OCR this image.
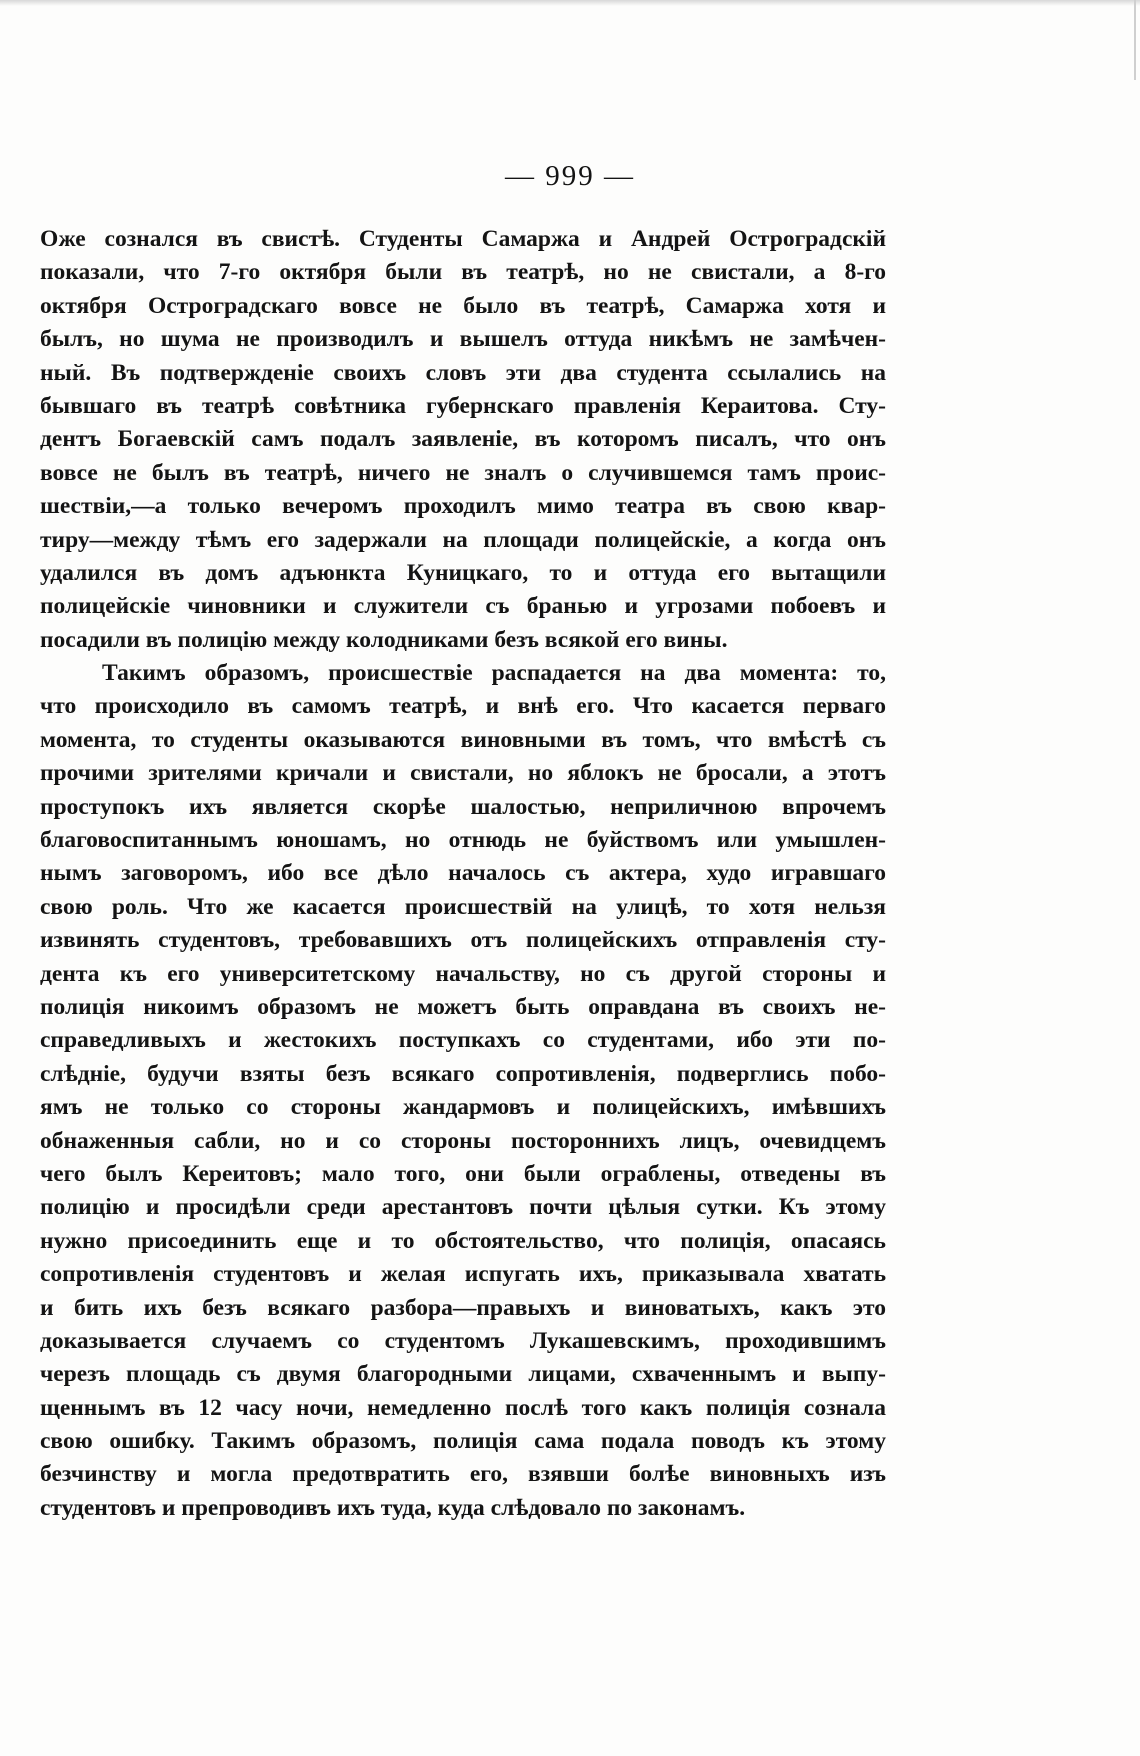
— 999 —
Оже сознался въ свистѣ. Студенты Самаржа и Андрей Остроградскій
показали, что 7-го октября были въ театрѣ, но не свистали, а 8-го
октября Остроградскаго вовсе не было въ театрѣ, Самаржа хотя и
былъ, но шума не производилъ и вышелъ оттуда никѣмъ не замѣчен-
ный. Въ подтвержденіе своихъ словъ эти два студента ссылались на
бывшаго въ театрѣ совѣтника губернскаго правленія Кераитова. Сту-
дентъ Богаевскій самъ подалъ заявленіе, въ которомъ писалъ, что онъ
вовсе не былъ въ театрѣ, ничего не зналъ о случившемся тамъ проис-
шествіи,—а только вечеромъ проходилъ мимо театра въ свою квар-
тиру—между тѣмъ его задержали на площади полицейскіе, а когда онъ
удалился въ домъ адъюнкта Куницкаго, то и оттуда его вытащили
полицейскіе чиновники и служители съ бранью и угрозами побоевъ и
посадили въ полицію между колодниками безъ всякой его вины.
Такимъ образомъ, происшествіе распадается на два момента: то,
что происходило въ самомъ театрѣ, и внѣ его. Что касается перваго
момента, то студенты оказываются виновными въ томъ, что вмѣстѣ съ
прочими зрителями кричали и свистали, но яблокъ не бросали, а этотъ
проступокъ ихъ является скорѣе шалостью, неприличною впрочемъ
благовоспитаннымъ юношамъ, но отнюдь не буйствомъ или умышлен-
нымъ заговоромъ, ибо все дѣло началось съ актера, худо игравшаго
свою роль. Что же касается происшествій на улицѣ, то хотя нельзя
извинять студентовъ, требовавшихъ отъ полицейскихъ отправленія сту-
дента къ его университетскому начальству, но съ другой стороны и
полиція никоимъ образомъ не можетъ быть оправдана въ своихъ не-
справедливыхъ и жестокихъ поступкахъ со студентами, ибо эти по-
слѣдніе, будучи взяты безъ всякаго сопротивленія, подверглись побо-
ямъ не только со стороны жандармовъ и полицейскихъ, имѣвшихъ
обнаженныя сабли, но и со стороны постороннихъ лицъ, очевидцемъ
чего былъ Кереитовъ; мало того, они были ограблены, отведены въ
полицію и просидѣли среди арестантовъ почти цѣлыя сутки. Къ этому
нужно присоединить еще и то обстоятельство, что полиція, опасаясь
сопротивленія студентовъ и желая испугать ихъ, приказывала хватать
и бить ихъ безъ всякаго разбора—правыхъ и виноватыхъ, какъ это
доказывается случаемъ со студентомъ Лукашевскимъ, проходившимъ
черезъ площадь съ двумя благородными лицами, схваченнымъ и выпу-
щеннымъ въ 12 часу ночи, немедленно послѣ того какъ полиція сознала
свою ошибку. Такимъ образомъ, полиція сама подала поводъ къ этому
безчинству и могла предотвратить его, взявши болѣе виновныхъ изъ
студентовъ и препроводивъ ихъ туда, куда слѣдовало по законамъ.
